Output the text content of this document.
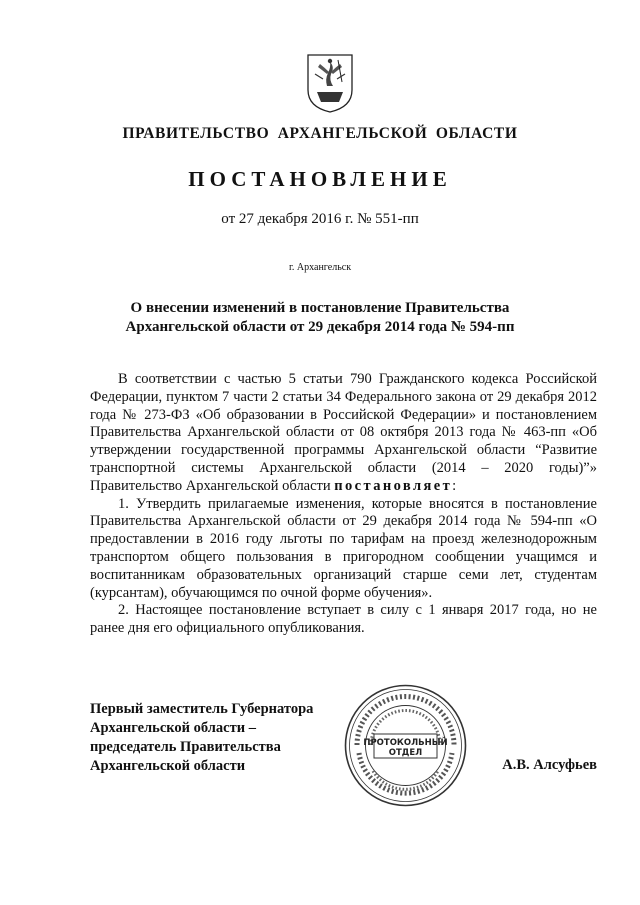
ПРАВИТЕЛЬСТВО АРХАНГЕЛЬСКОЙ ОБЛАСТИ
ПОСТАНОВЛЕНИЕ
от 27 декабря 2016 г. № 551-пп
г. Архангельск
О внесении изменений в постановление Правительства
Архангельской области от 29 декабря 2014 года № 594-пп

В соответствии с частью 5 статьи 790 Гражданского кодекса Российской Федерации, пунктом 7 части 2 статьи 34 Федерального закона от 29 декабря 2012 года № 273-ФЗ «Об образовании в Российской Федерации» и постановлением Правительства Архангельской области от 08 октября 2013 года № 463-пп «Об утверждении государственной программы Архангельской области “Развитие транспортной системы Архангельской области (2014 – 2020 годы)”» Правительство Архангельской области постановляет:

1. Утвердить прилагаемые изменения, которые вносятся в постановление Правительства Архангельской области от 29 декабря 2014 года № 594-пп «О предоставлении в 2016 году льготы по тарифам на проезд железнодорожным транспортом общего пользования в пригородном сообщении учащимся и воспитанникам образовательных организаций старше семи лет, студентам (курсантам), обучающимся по очной форме обучения».

2. Настоящее постановление вступает в силу с 1 января 2017 года, но не ранее дня его официального опубликования.

Первый заместитель Губернатора
Архангельской области –
председатель Правительства
Архангельской области	А.В. Алсуфьев
ПРОТОКОЛЬНЫЙ
ОТДЕЛ
